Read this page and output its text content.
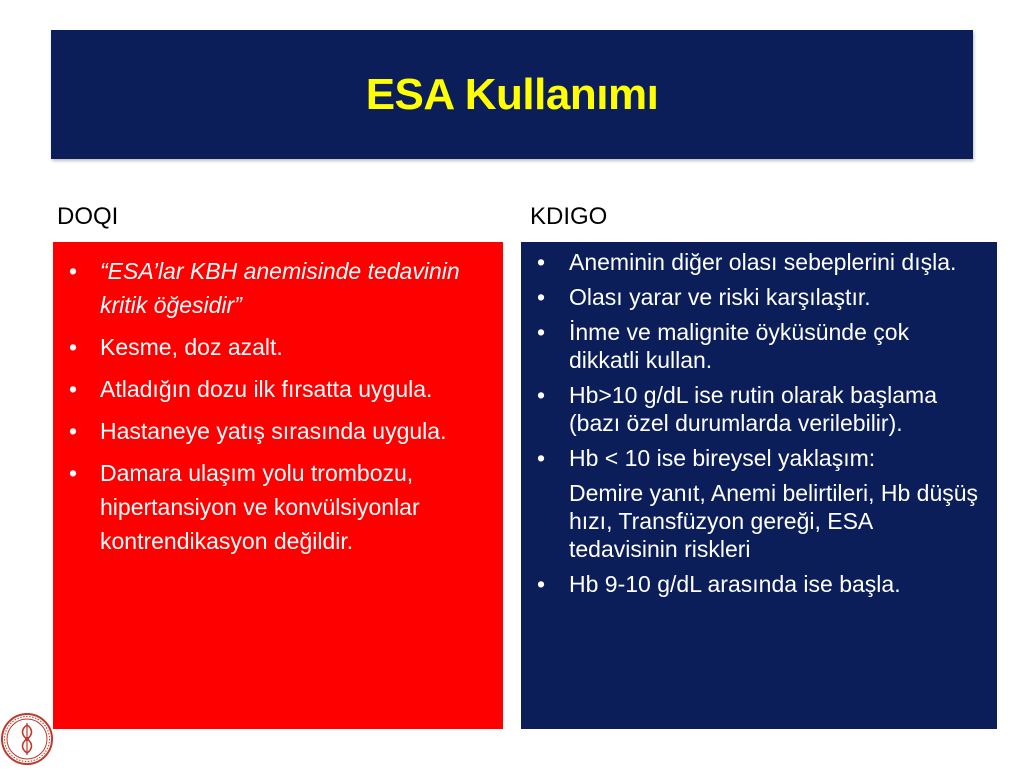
ESA Kullanımı
DOQI	KDIGO
• “ESA’lar KBH anemisinde tedavinin kritik öğesidir”
• Kesme, doz azalt.
• Atladığın dozu ilk fırsatta uygula.
• Hastaneye yatış sırasında uygula.
• Damara ulaşım yolu trombozu, hipertansiyon ve konvülsiyonlar kontrendikasyon değildir.
• Aneminin diğer olası sebeplerini dışla.
• Olası yarar ve riski karşılaştır.
• İnme ve malignite öyküsünde çok dikkatli kullan.
• Hb>10 g/dL ise rutin olarak başlama (bazı özel durumlarda verilebilir).
• Hb < 10 ise bireysel yaklaşım:
Demire yanıt, Anemi belirtileri, Hb düşüş hızı, Transfüzyon gereği, ESA tedavisinin riskleri
• Hb 9-10 g/dL arasında ise başla.
